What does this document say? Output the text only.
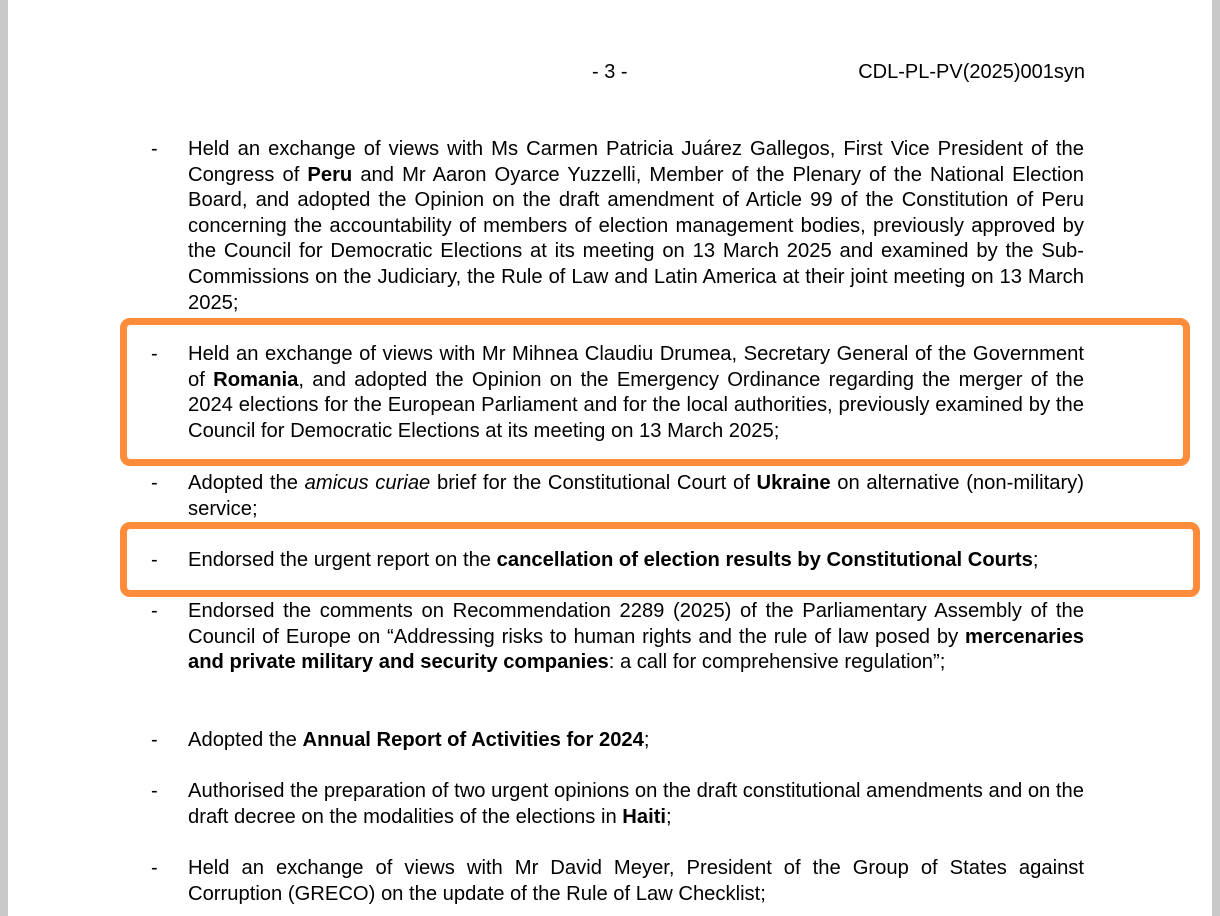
- 3 -	CDL-PL-PV(2025)001syn
- Held an exchange of views with Ms Carmen Patricia Juárez Gallegos, First Vice President of the Congress of Peru and Mr Aaron Oyarce Yuzzelli, Member of the Plenary of the National Election Board, and adopted the Opinion on the draft amendment of Article 99 of the Constitution of Peru concerning the accountability of members of election management bodies, previously approved by the Council for Democratic Elections at its meeting on 13 March 2025 and examined by the Sub-Commissions on the Judiciary, the Rule of Law and Latin America at their joint meeting on 13 March 2025;
- Held an exchange of views with Mr Mihnea Claudiu Drumea, Secretary General of the Government of Romania, and adopted the Opinion on the Emergency Ordinance regarding the merger of the 2024 elections for the European Parliament and for the local authorities, previously examined by the Council for Democratic Elections at its meeting on 13 March 2025;
- Adopted the amicus curiae brief for the Constitutional Court of Ukraine on alternative (non-military) service;
- Endorsed the urgent report on the cancellation of election results by Constitutional Courts;
- Endorsed the comments on Recommendation 2289 (2025) of the Parliamentary Assembly of the Council of Europe on “Addressing risks to human rights and the rule of law posed by mercenaries and private military and security companies: a call for comprehensive regulation”;
- Adopted the Annual Report of Activities for 2024;
- Authorised the preparation of two urgent opinions on the draft constitutional amendments and on the draft decree on the modalities of the elections in Haiti;
- Held an exchange of views with Mr David Meyer, President of the Group of States against Corruption (GRECO) on the update of the Rule of Law Checklist;
